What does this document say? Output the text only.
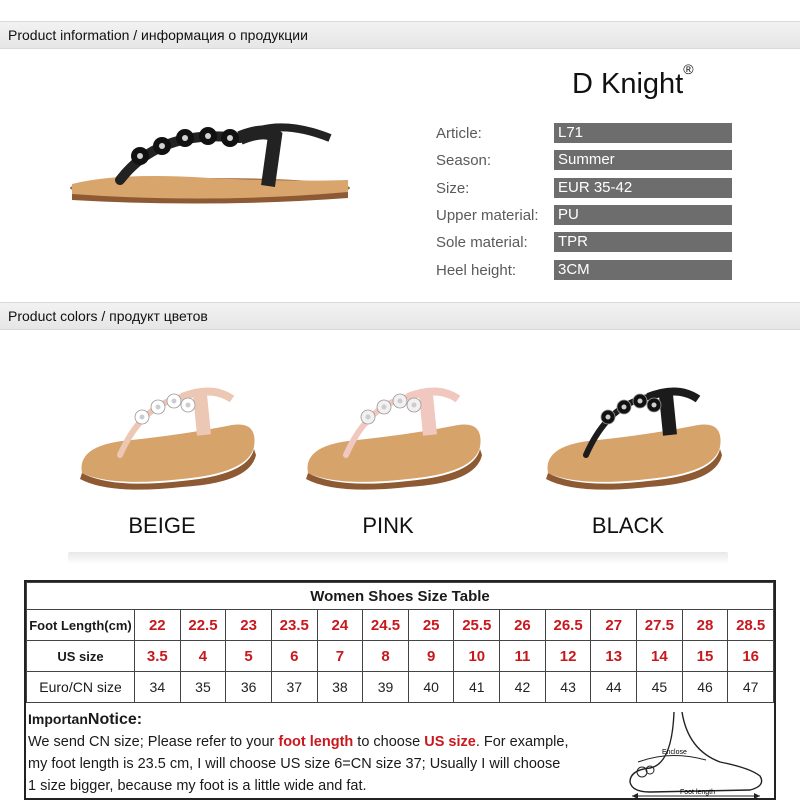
Product information / информация о продукции
D Knight®
Article:	L71
Season:	Summer
Size:	EUR 35-42
Upper material: PU
Sole material: TPR
Heel height:	3CM
Product colors / продукт цветов
BEIGE	PINK	BLACK
Women Shoes Size Table														
Foot Length(cm)	22	22.5	23	23.5	24	24.5	25	25.5	26	26.5	27	27.5	28	28.5
US size	3.5	4	5	6	7	8	9	10	11	12	13	14	15	16
Euro/CN size	34	35	36	37	38	39	40	41	42	43	44	45	46	47
ImportanNotice:
We send CN size; Please refer to your foot length to choose US size. For example,
my foot length is 23.5 cm, I will choose US size 6=CN size 37; Usually I will choose
1 size bigger, because my foot is a little wide and fat.
Enclose
Foot length
